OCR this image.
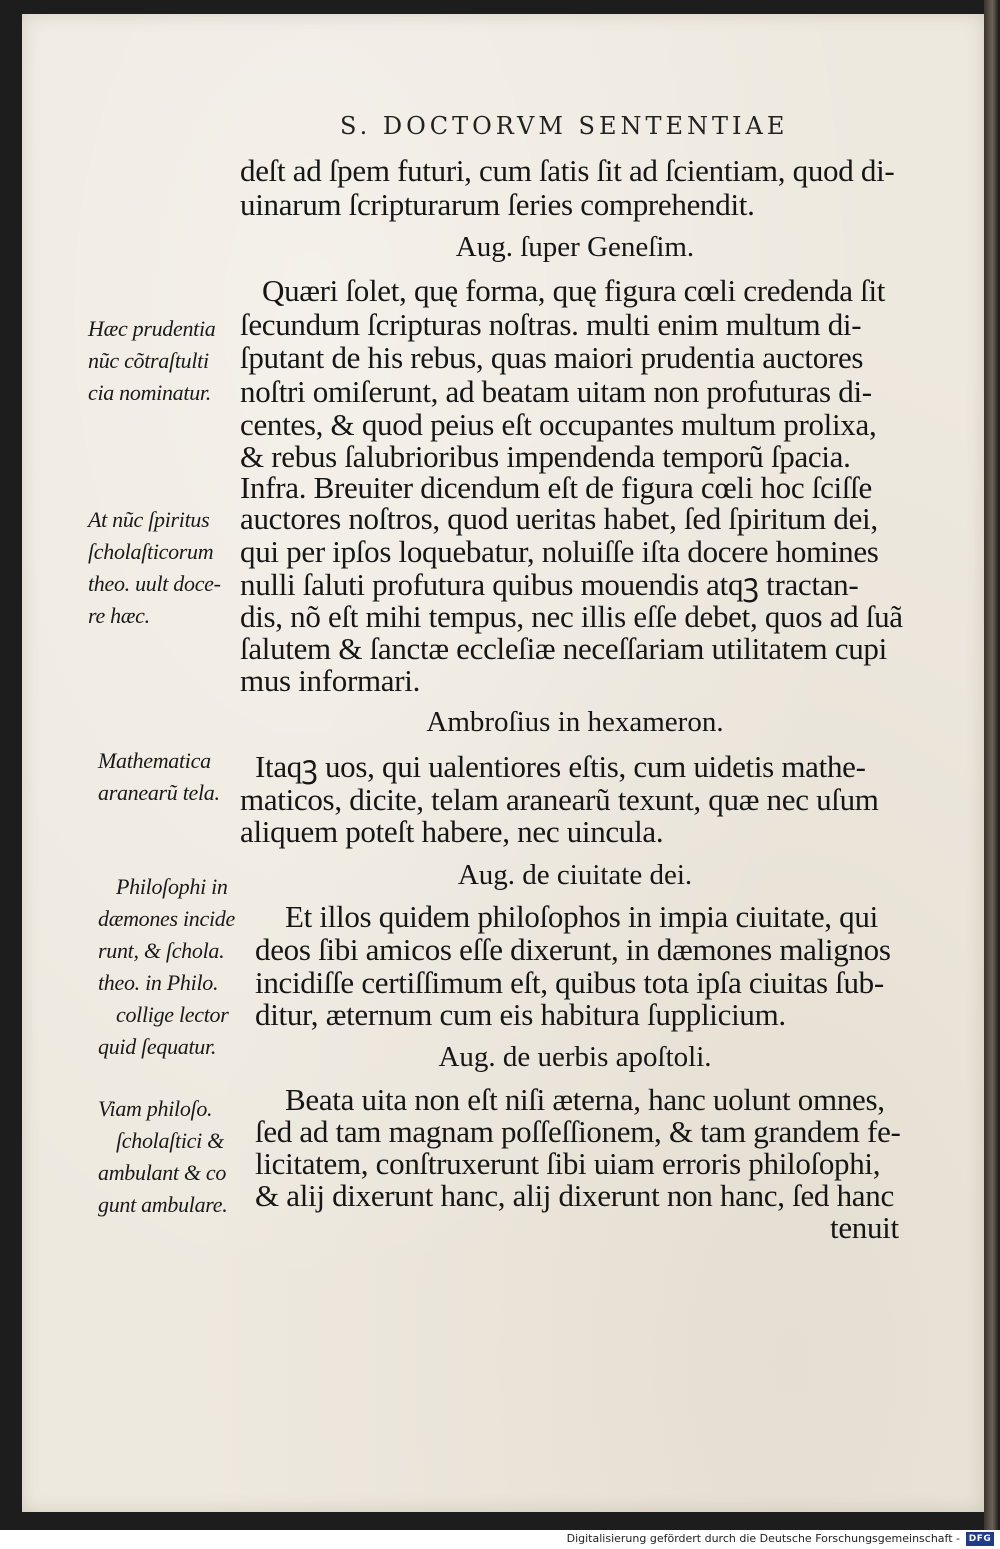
S. DOCTORVM SENTENTIAE
deſt ad ſpem futuri, cum ſatis ſit ad ſcientiam, quod di-
uinarum ſcripturarum ſeries comprehendit.
Aug. ſuper Geneſim.
Quæri ſolet, quę forma, quę figura cœli credenda ſit
ſecundum ſcripturas noſtras. multi enim multum di-
ſputant de his rebus, quas maiori prudentia auctores
noſtri omiſerunt, ad beatam uitam non profuturas di-
centes, & quod peius eſt occupantes multum prolixa,
& rebus ſalubrioribus impendenda temporũ ſpacia.
Infra. Breuiter dicendum eſt de figura cœli hoc ſciſſe
auctores noſtros, quod ueritas habet, ſed ſpiritum dei,
qui per ipſos loquebatur, noluiſſe iſta docere homines
nulli ſaluti profutura quibus mouendis atqꝫ tractan-
dis, nõ eſt mihi tempus, nec illis eſſe debet, quos ad ſuã
ſalutem & ſanctæ eccleſiæ neceſſariam utilitatem cupi
mus informari.
Ambroſius in hexameron.
Itaqꝫ uos, qui ualentiores eſtis, cum uidetis mathe-
maticos, dicite, telam aranearũ texunt, quæ nec uſum
aliquem poteſt habere, nec uincula.
Aug. de ciuitate dei.
Et illos quidem philoſophos in impia ciuitate, qui
deos ſibi amicos eſſe dixerunt, in dæmones malignos
incidiſſe certiſſimum eſt, quibus tota ipſa ciuitas ſub-
ditur, æternum cum eis habitura ſupplicium.
Aug. de uerbis apoſtoli.
Beata uita non eſt niſi æterna, hanc uolunt omnes,
ſed ad tam magnam poſſeſſionem, & tam grandem fe-
licitatem, conſtruxerunt ſibi uiam erroris philoſophi,
& alij dixerunt hanc, alij dixerunt non hanc, ſed hanc
tenuit
Hæc prudentia
nũc cõtraſtulti
cia nominatur.
At nũc ſpiritus
ſcholaſticorum
theo. uult doce-
re hæc.
Mathematica
aranearũ tela.
Philoſophi in
dæmones incide
runt, & ſchola.
theo. in Philo.
collige lector
quid ſequatur.
Viam philoſo.
ſcholaſtici &
ambulant & co
gunt ambulare.
Digitalisierung gefördert durch die Deutsche Forschungsgemeinschaft - DFG
